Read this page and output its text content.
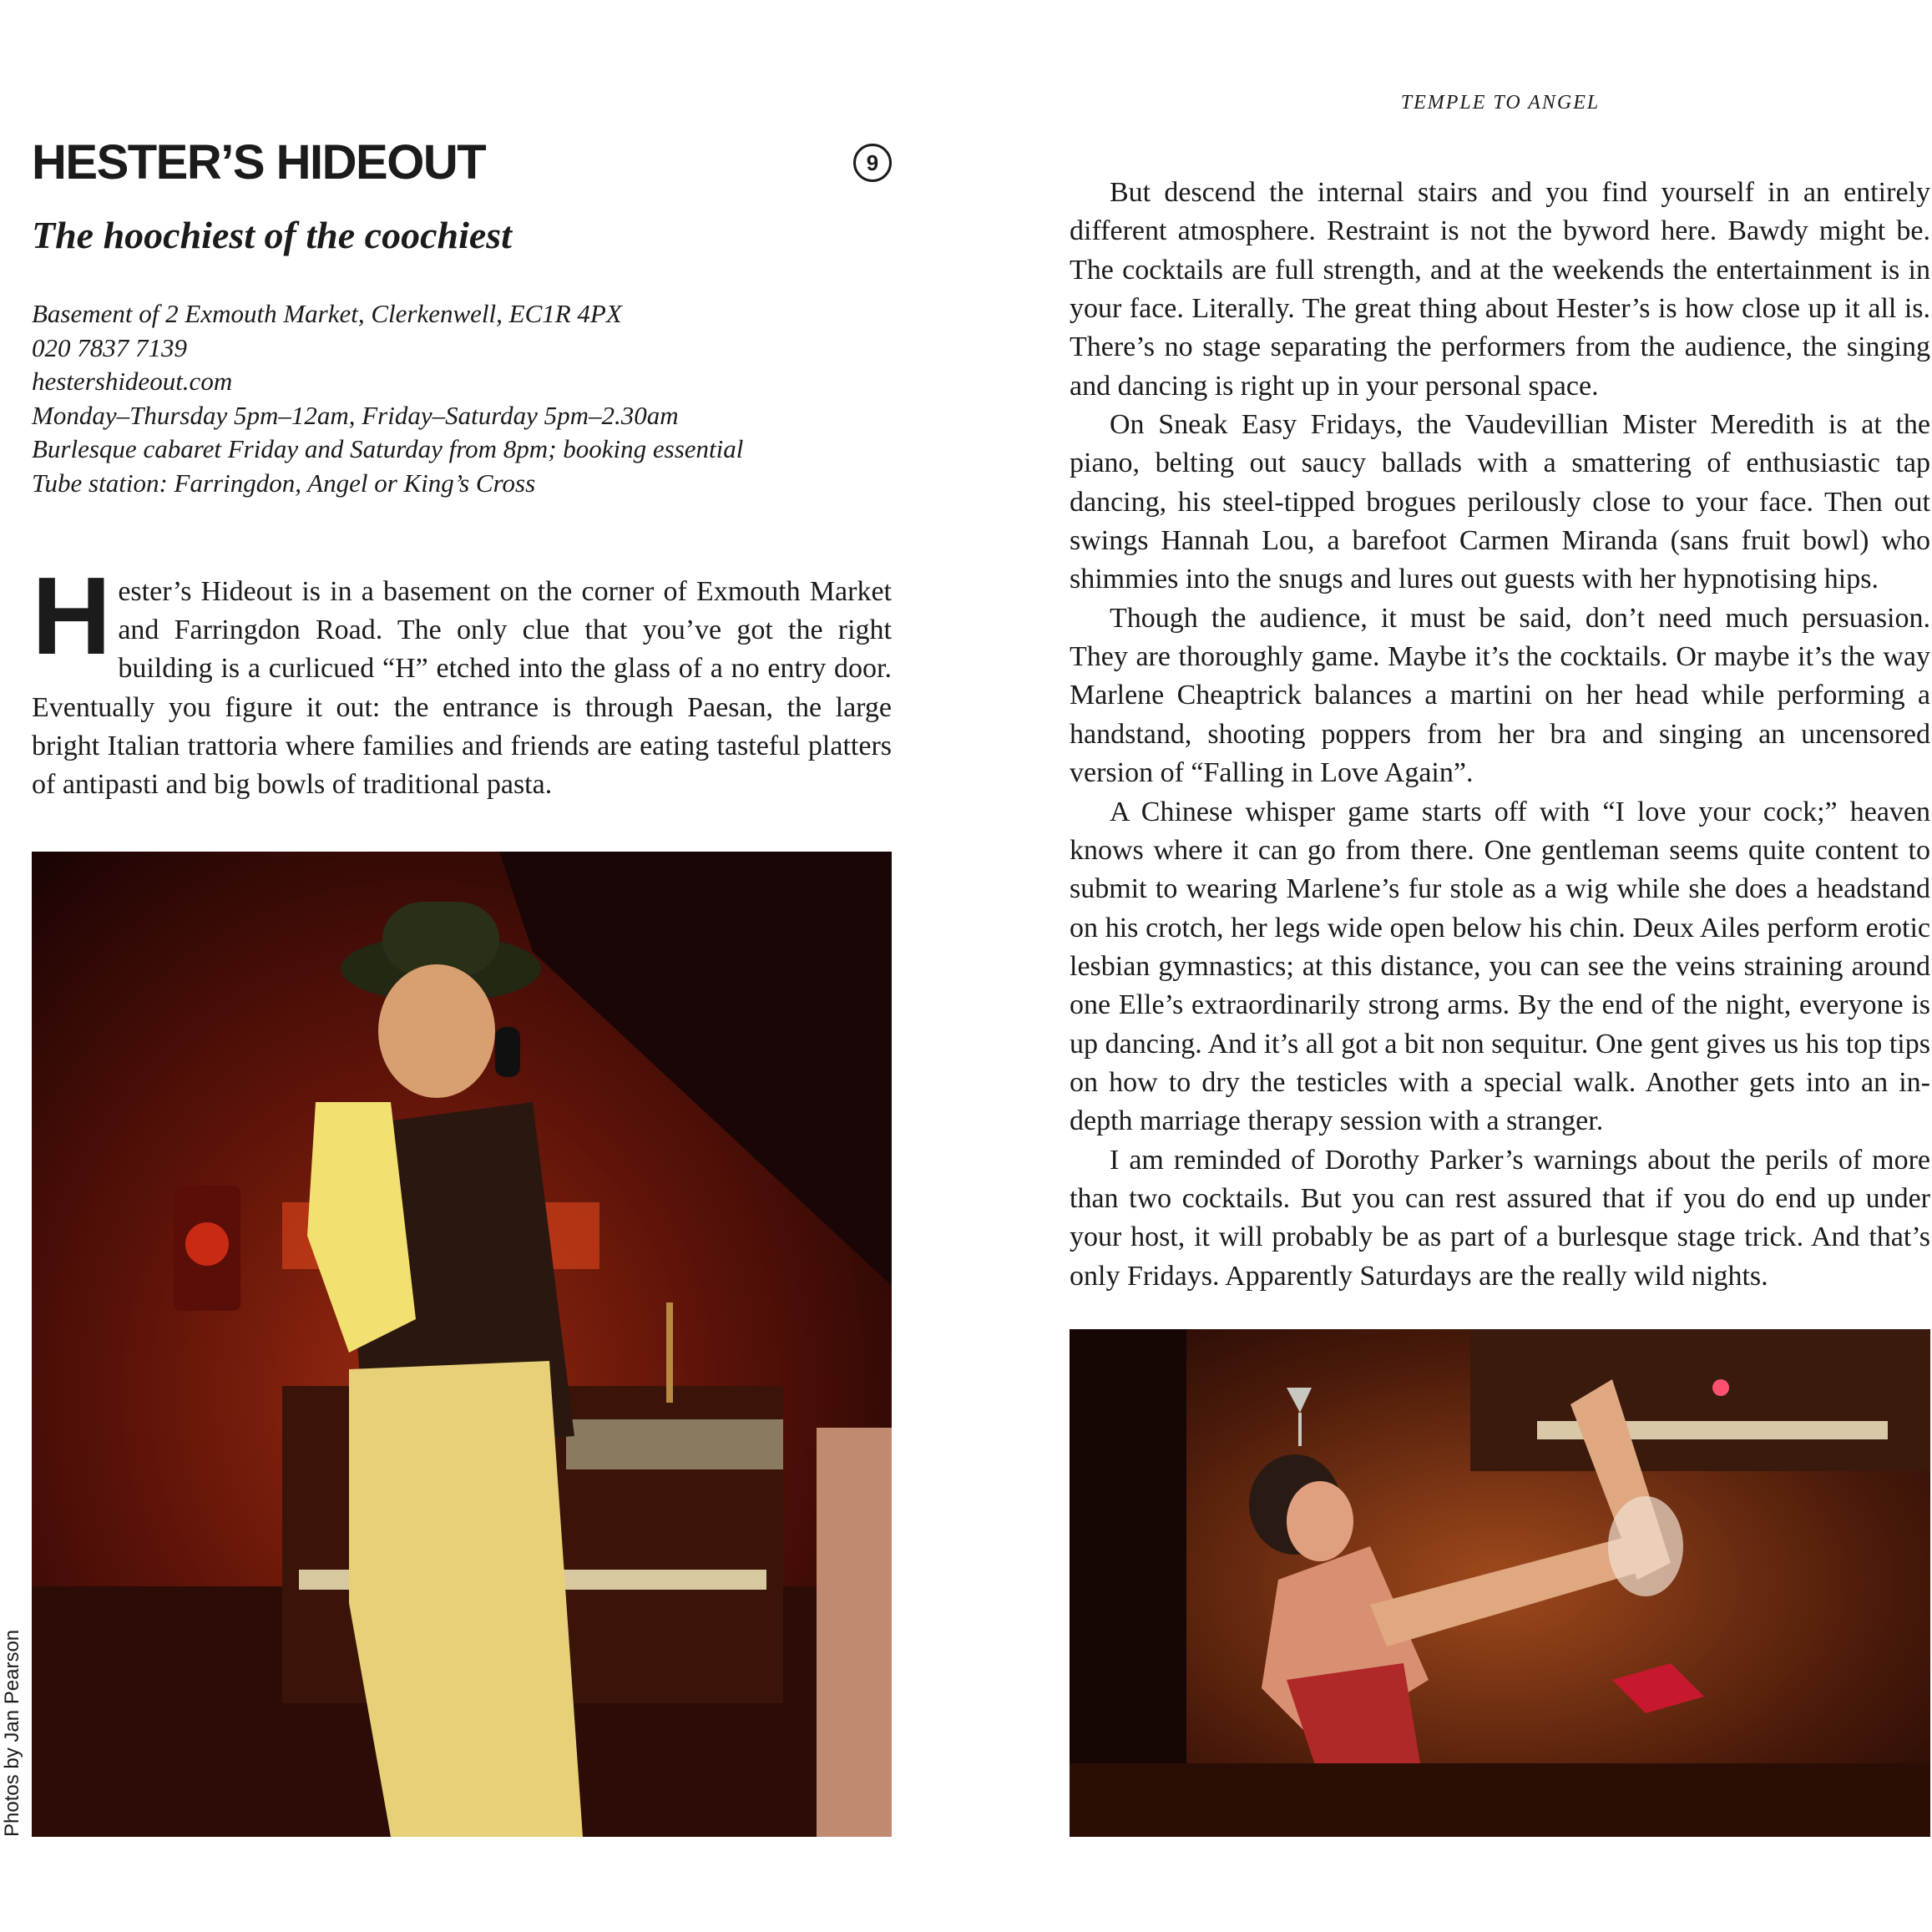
TEMPLE TO ANGEL
HESTER’S HIDEOUT
The hoochiest of the coochiest
Basement of 2 Exmouth Market, Clerkenwell, EC1R 4PX
020 7837 7139
hestershideout.com
Monday–Thursday 5pm–12am, Friday–Saturday 5pm–2.30am
Burlesque cabaret Friday and Saturday from 8pm; booking essential
Tube station: Farringdon, Angel or King’s Cross
9

Hester’s Hideout is in a basement on the corner of Exmouth Market and Farringdon Road. The only clue that you’ve got the right building is a curlicued “H” etched into the glass of a no entry door. Eventually you figure it out: the entrance is through Paesan, the large bright Italian trattoria where families and friends are eating tasteful platters of antipasti and big bowls of traditional pasta.

But descend the internal stairs and you find yourself in an entirely different atmosphere. Restraint is not the byword here. Bawdy might be. The cocktails are full strength, and at the weekends the entertainment is in your face. Literally. The great thing about Hester’s is how close up it all is. There’s no stage separating the performers from the audience, the singing and dancing is right up in your personal space.

On Sneak Easy Fridays, the Vaudevillian Mister Meredith is at the piano, belting out saucy ballads with a smattering of enthusiastic tap dancing, his steel-tipped brogues perilously close to your face. Then out swings Hannah Lou, a barefoot Carmen Miranda (sans fruit bowl) who shimmies into the snugs and lures out guests with her hypnotising hips.

Though the audience, it must be said, don’t need much persuasion. They are thoroughly game. Maybe it’s the cocktails. Or maybe it’s the way Marlene Cheaptrick balances a martini on her head while performing a handstand, shooting poppers from her bra and singing an uncensored version of “Falling in Love Again”.

A Chinese whisper game starts off with “I love your cock;” heaven knows where it can go from there. One gentleman seems quite content to submit to wearing Marlene’s fur stole as a wig while she does a headstand on his crotch, her legs wide open below his chin. Deux Ailes perform erotic lesbian gymnastics; at this distance, you can see the veins straining around one Elle’s extraordinarily strong arms. By the end of the night, everyone is up dancing. And it’s all got a bit non sequitur. One gent gives us his top tips on how to dry the testicles with a special walk. Another gets into an in-depth marriage therapy session with a stranger.

I am reminded of Dorothy Parker’s warnings about the perils of more than two cocktails. But you can rest assured that if you do end up under your host, it will probably be as part of a burlesque stage trick. And that’s only Fridays. Apparently Saturdays are the really wild nights.

Photos by Jan Pearson
